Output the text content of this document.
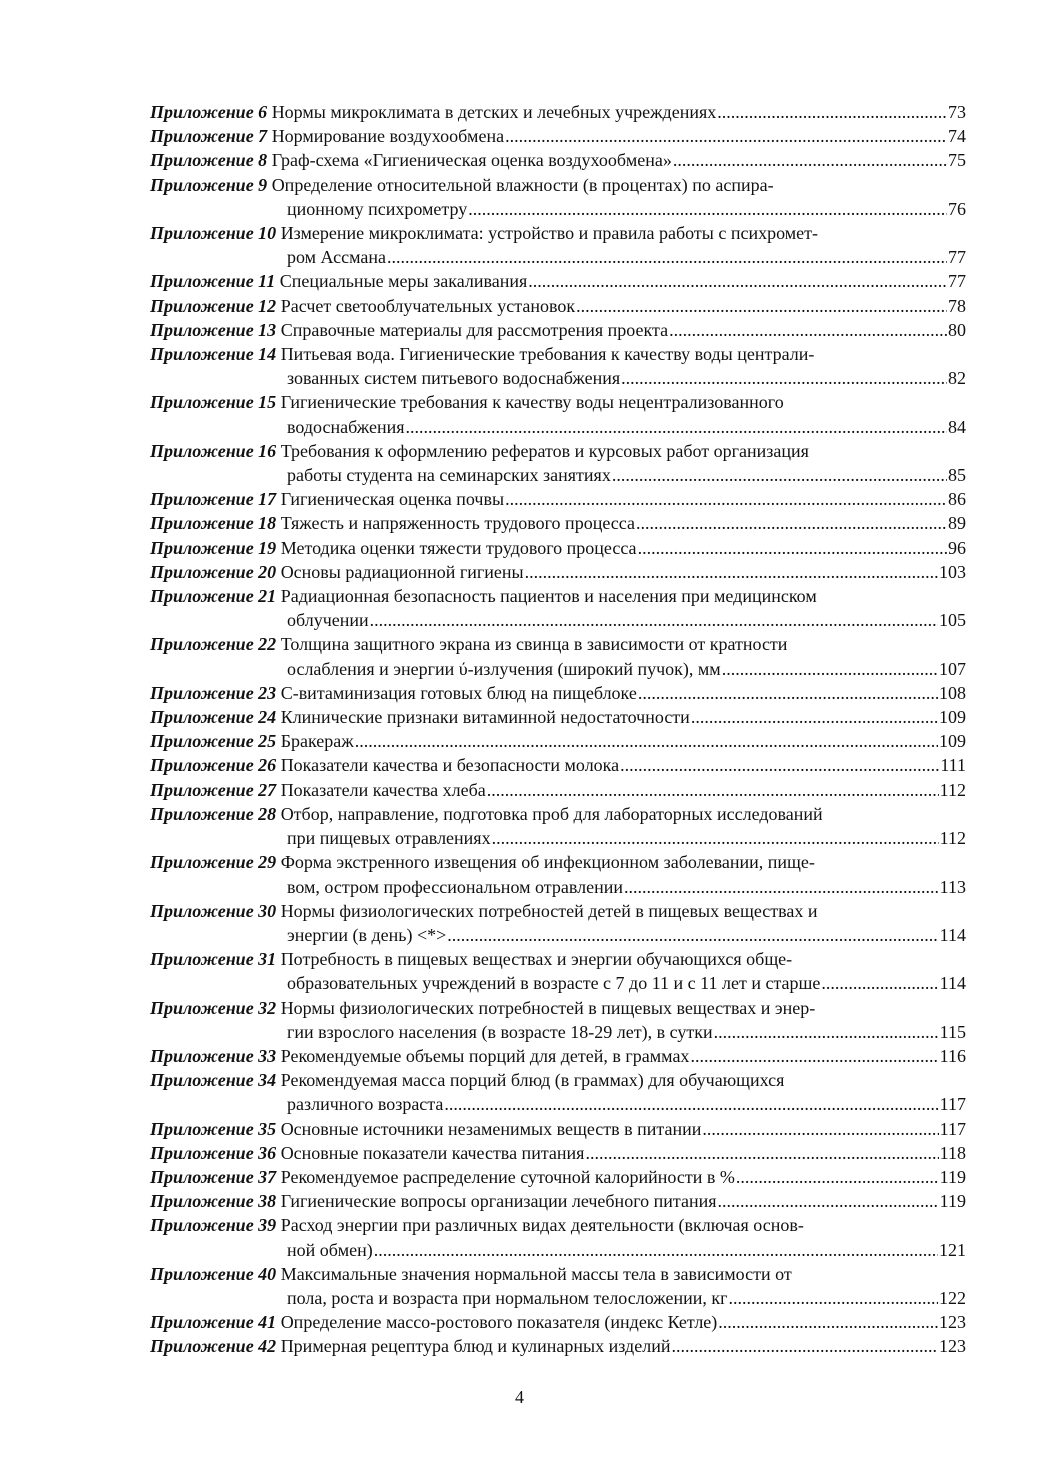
Приложение 6
Нормы микроклимата в детских и лечебных учреждениях .....	73
Приложение 7
Нормирование воздухообмена .....	74
Приложение 8
Граф-схема «Гигиеническая оценка воздухообмена» .....	75
Приложение 9
Определение относительной влажности (в процентах) по аспира-
ционному психрометру .....	76
Приложение 10
Измерение микроклимата: устройство и правила работы с психромет-
ром Ассмана .....	77
Приложение 11
Специальные меры закаливания .....	77
Приложение 12
Расчет светооблучательных установок .....	78
Приложение 13
Справочные материалы для рассмотрения проекта .....	80
Приложение 14
Питьевая вода. Гигиенические требования к качеству воды централи-
зованных систем питьевого водоснабжения .....	82
Приложение 15
Гигиенические требования к качеству воды нецентрализованного
водоснабжения .....	84
Приложение 16
Требования к оформлению рефератов и курсовых работ организация
работы студента на семинарских занятиях .....	85
Приложение 17
Гигиеническая оценка почвы .....	86
Приложение 18
Тяжесть и напряженность трудового процесса .....	89
Приложение 19
Методика оценки тяжести трудового процесса .....	96
Приложение 20
Основы радиационной гигиены .....	103
Приложение 21
Радиационная безопасность пациентов и населения при медицинском
облучении .....	105
Приложение 22
Толщина защитного экрана из свинца в зависимости от кратности
ослабления и энергии ύ-излучения (широкий пучок), мм .....	107
Приложение 23
С-витаминизация готовых блюд на пищеблоке .....	108
Приложение 24
Клинические признаки витаминной недостаточности .....	109
Приложение 25
Бракераж .....	109
Приложение 26
Показатели качества и безопасности молока .....	111
Приложение 27
Показатели качества хлеба .....	112
Приложение 28
Отбор, направление, подготовка проб для лабораторных исследований
при пищевых отравлениях .....	112
Приложение 29
Форма экстренного извещения об инфекционном заболевании, пище-
вом, остром профессиональном отравлении .....	113
Приложение 30
Нормы физиологических потребностей детей в пищевых веществах и
энергии (в день) <*> .....	114
Приложение 31
Потребность в пищевых веществах и энергии обучающихся обще-
образовательных учреждений в возрасте с 7 до 11 и с 11 лет и старше .....	114
Приложение 32
Нормы физиологических потребностей в пищевых веществах и энер-
гии взрослого населения (в возрасте 18-29 лет), в сутки .....	115
Приложение 33
Рекомендуемые объемы порций для детей, в граммах .....	116
Приложение 34
Рекомендуемая масса порций блюд (в граммах) для обучающихся
различного возраста .....	117
Приложение 35
Основные источники незаменимых веществ в питании .....	117
Приложение 36
Основные показатели качества питания .....	118
Приложение 37
Рекомендуемое распределение суточной калорийности в % .....	119
Приложение 38
Гигиенические вопросы организации лечебного питания .....	119
Приложение 39
Расход энергии при различных видах деятельности (включая основ-
ной обмен) .....	121
Приложение 40
Максимальные значения нормальной массы тела в зависимости от
пола, роста и возраста при нормальном телосложении, кг .....	122
Приложение 41
Определение массо-ростового показателя (индекс Кетле) .....	123
Приложение 42
Примерная рецептура блюд и кулинарных изделий .....	123
4
